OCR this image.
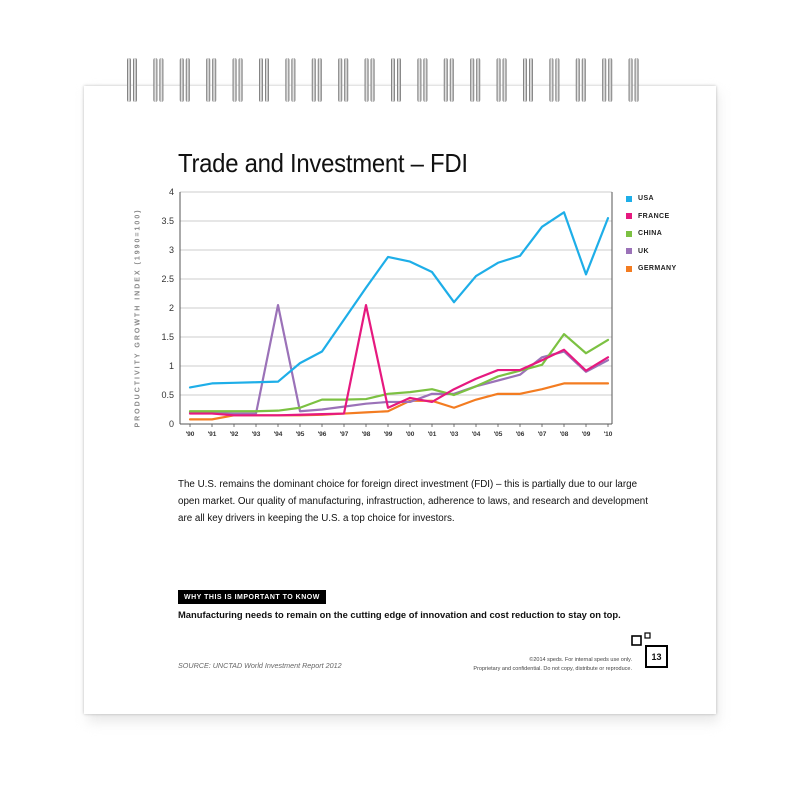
Trade and Investment – FDI
0
0.5
1
1.5
2
2.5
3
3.5
4
'90 '91 '92 '93 '94 '95 '96 '97 '98 '99 '00 '01 '03 '04 '05 '06 '07 '08 '09 '10
PRODUCTIVITY GROWTH INDEX (1990=100)
USA
FRANCE
CHINA
UK
GERMANY
The U.S. remains the dominant choice for foreign direct investment (FDI) – this is partially due to our large open market. Our quality of manufacturing, infrastruction, adherence to laws, and research and development are all key drivers in keeping the U.S. a top choice for investors.
WHY THIS IS IMPORTANT TO KNOW
Manufacturing needs to remain on the cutting edge of innovation and cost reduction to stay on top.
SOURCE: UNCTAD World Investment Report 2012
©2014 speds. For internal speds use only.
Proprietary and confidential. Do not copy, distribute or reproduce.
13
